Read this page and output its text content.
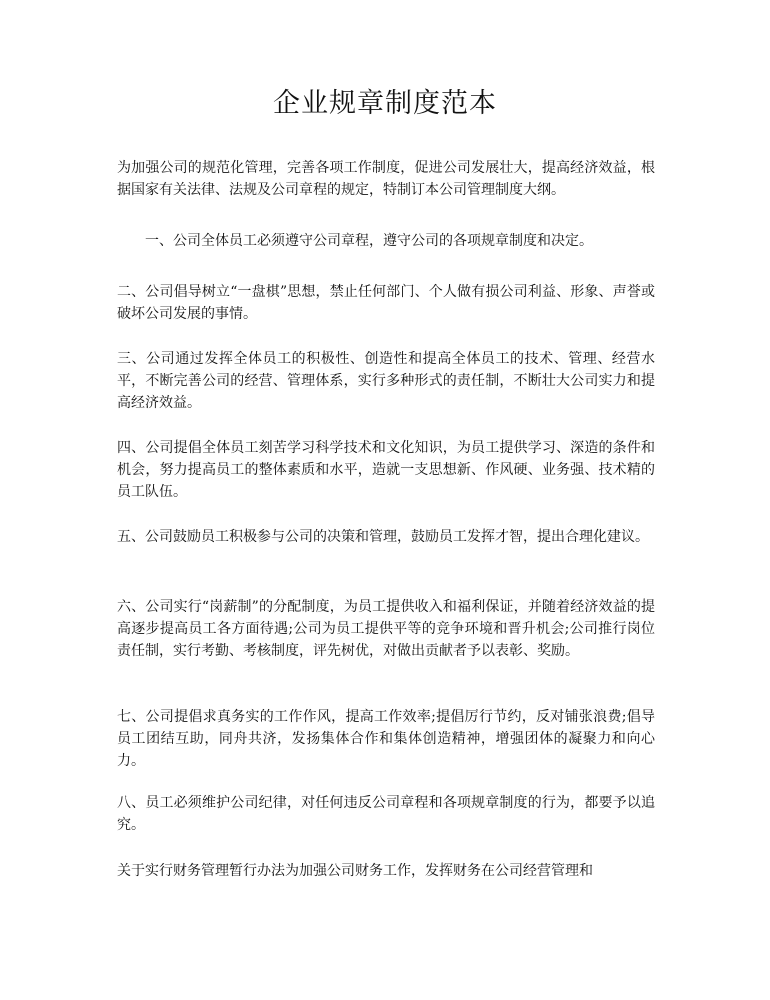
企业规章制度范本

为加强公司的规范化管理，完善各项工作制度，促进公司发展壮大，提高经济效益，根据国家有关法律、法规及公司章程的规定，特制订本公司管理制度大纲。

一、公司全体员工必须遵守公司章程，遵守公司的各项规章制度和决定。

二、公司倡导树立“一盘棋”思想，禁止任何部门、个人做有损公司利益、形象、声誉或破坏公司发展的事情。

三、公司通过发挥全体员工的积极性、创造性和提高全体员工的技术、管理、经营水平，不断完善公司的经营、管理体系，实行多种形式的责任制，不断壮大公司实力和提高经济效益。

四、公司提倡全体员工刻苦学习科学技术和文化知识，为员工提供学习、深造的条件和机会，努力提高员工的整体素质和水平，造就一支思想新、作风硬、业务强、技术精的员工队伍。

五、公司鼓励员工积极参与公司的决策和管理，鼓励员工发挥才智，提出合理化建议。

六、公司实行“岗薪制”的分配制度，为员工提供收入和福利保证，并随着经济效益的提高逐步提高员工各方面待遇;公司为员工提供平等的竞争环境和晋升机会;公司推行岗位责任制，实行考勤、考核制度，评先树优，对做出贡献者予以表彰、奖励。

七、公司提倡求真务实的工作作风，提高工作效率;提倡厉行节约，反对铺张浪费;倡导员工团结互助，同舟共济，发扬集体合作和集体创造精神，增强团体的凝聚力和向心力。

八、员工必须维护公司纪律，对任何违反公司章程和各项规章制度的行为，都要予以追究。

关于实行财务管理暂行办法为加强公司财务工作，发挥财务在公司经营管理和
